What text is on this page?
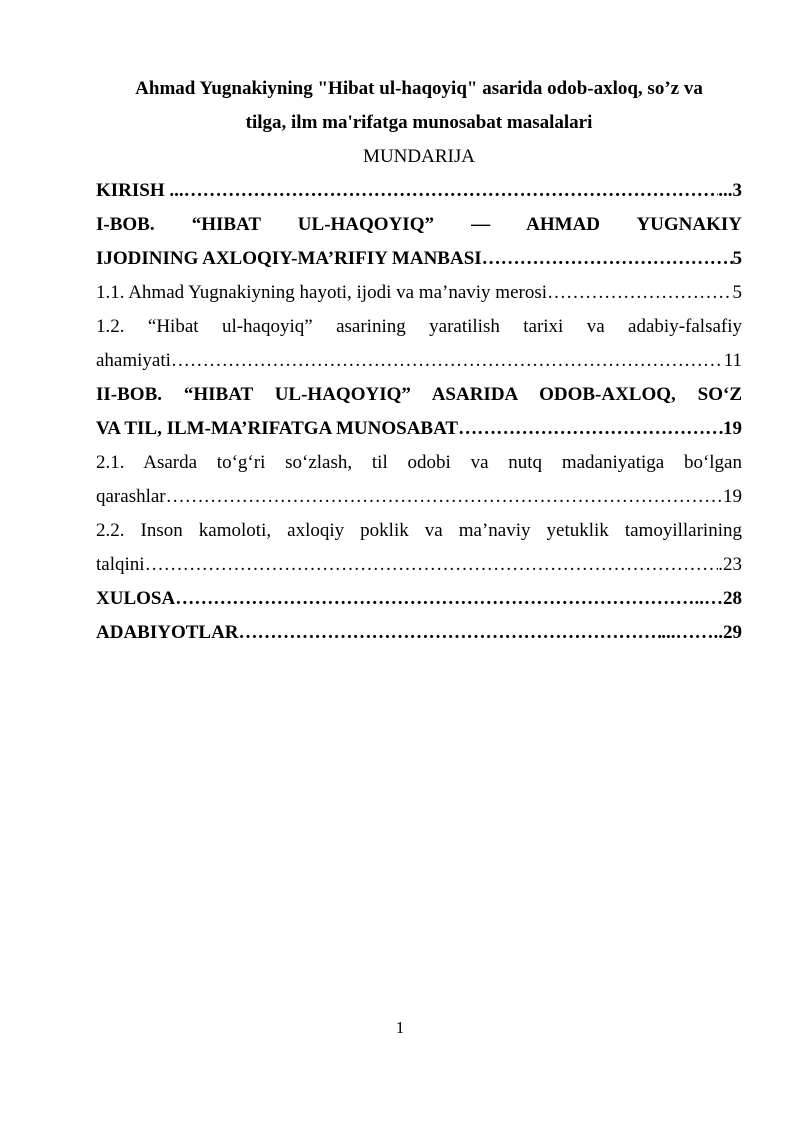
Ahmad Yugnakiyning "Hibat ul-haqoyiq" asarida odob-axloq, so’z va

tilga, ilm ma'rifatga munosabat masalalari

MUNDARIJA

KIRISH ... ……………………………………………………………………………………………………………………………………	...3

I-BOB. “HIBAT UL-HAQOYIQ” — AHMAD YUGNAKIY

IJODINING AXLOQIY-MA’RIFIY MANBASI ……………………………………………………………………………………………………………………………………	5
1.1. Ahmad Yugnakiyning hayoti, ijodi va ma’naviy merosi ……………………………………………………………………………………………………………………………………	5

1.2. “Hibat ul-haqoyiq” asarining yaratilish tarixi va adabiy-falsafiy

ahamiyati ……………………………………………………………………………………………………………………………………	11

II-BOB. “HIBAT UL-HAQOYIQ” ASARIDA ODOB-AXLOQ, SO‘Z

VA TIL, ILM-MA’RIFATGA MUNOSABAT ……………………………………………………………………………………………………………………………………	19

2.1. Asarda to‘g‘ri so‘zlash, til odobi va nutq madaniyatiga bo‘lgan

qarashlar ……………………………………………………………………………………………………………………………………	19

2.2. Inson kamoloti, axloqiy poklik va ma’naviy yetuklik tamoyillarining

talqini ……………………………………………………………………………………………………………………………………	.23
XULOSA ……………………………………………………………………………………………………………………………………	..…28
ADABIYOTLAR ……………………………………………………………………………………………………………………………………	...……..29
1
